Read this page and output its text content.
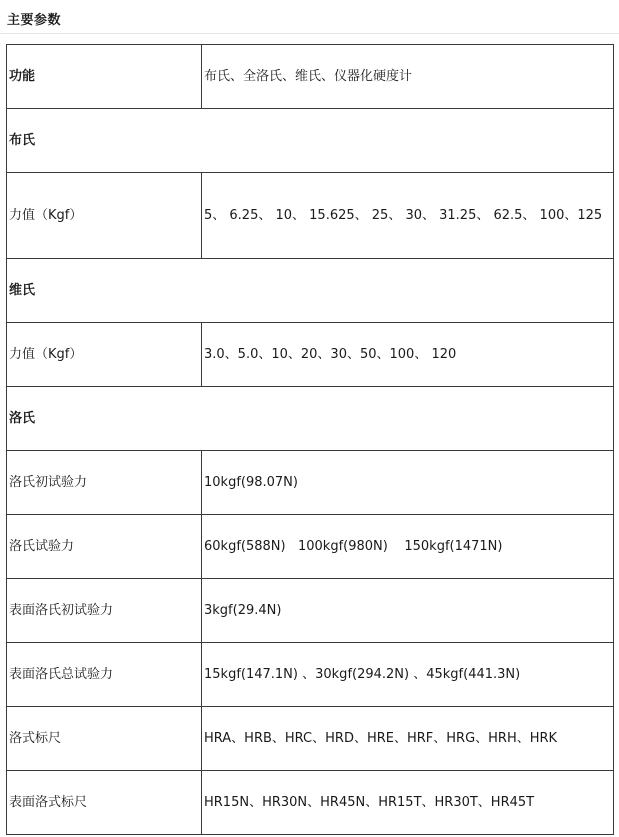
主要参数
功能	布氏、全洛氏、维氏、仪器化硬度计
布氏	
力值（Kgf）	5、 6.25、 10、 15.625、 25、 30、 31.25、 62.5、 100、125
维氏	
力值（Kgf）	3.0、5.0、10、20、30、50、100、 120
洛氏	
洛氏初试验力	10kgf(98.07N)
洛氏试验力	60kgf(588N)   100kgf(980N)    150kgf(1471N)
表面洛氏初试验力	3kgf(29.4N)
表面洛氏总试验力	15kgf(147.1N) 、30kgf(294.2N) 、45kgf(441.3N)
洛式标尺	HRA、HRB、HRC、HRD、HRE、HRF、HRG、HRH、HRK
表面洛式标尺	HR15N、HR30N、HR45N、HR15T、HR30T、HR45T
